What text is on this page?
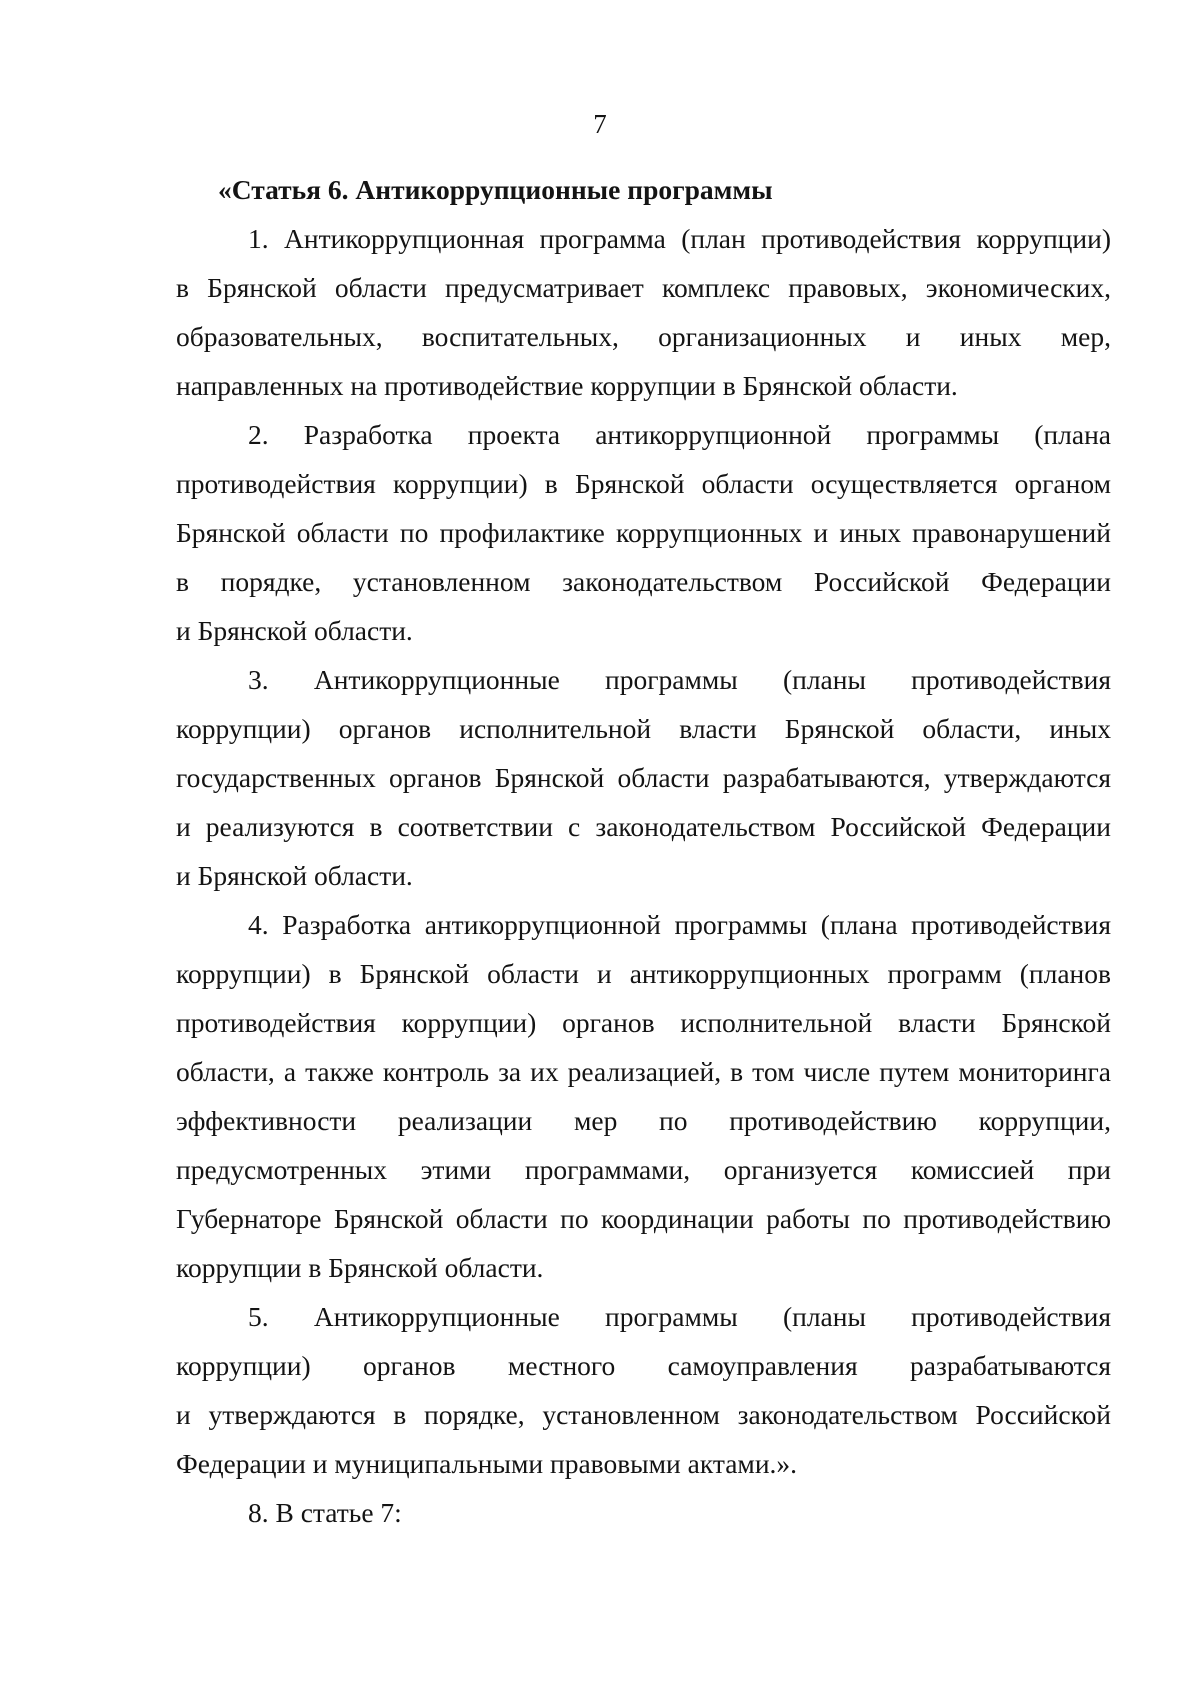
7

«Статья 6. Антикоррупционные программы

1. Антикоррупционная программа (план противодействия коррупции)
в Брянской области предусматривает комплекс правовых, экономических,
образовательных, воспитательных, организационных и иных мер,
направленных на противодействие коррупции в Брянской области.
2. Разработка проекта антикоррупционной программы (плана
противодействия коррупции) в Брянской области осуществляется органом
Брянской области по профилактике коррупционных и иных правонарушений
в порядке, установленном законодательством Российской Федерации
и Брянской области.
3. Антикоррупционные программы (планы противодействия
коррупции) органов исполнительной власти Брянской области, иных
государственных органов Брянской области разрабатываются, утверждаются
и реализуются в соответствии с законодательством Российской Федерации
и Брянской области.
4. Разработка антикоррупционной программы (плана противодействия
коррупции) в Брянской области и антикоррупционных программ (планов
противодействия коррупции) органов исполнительной власти Брянской
области, а также контроль за их реализацией, в том числе путем мониторинга
эффективности реализации мер по противодействию коррупции,
предусмотренных этими программами, организуется комиссией при
Губернаторе Брянской области по координации работы по противодействию
коррупции в Брянской области.
5. Антикоррупционные программы (планы противодействия
коррупции) органов местного самоуправления разрабатываются
и утверждаются в порядке, установленном законодательством Российской
Федерации и муниципальными правовыми актами.».
8. В статье 7:
